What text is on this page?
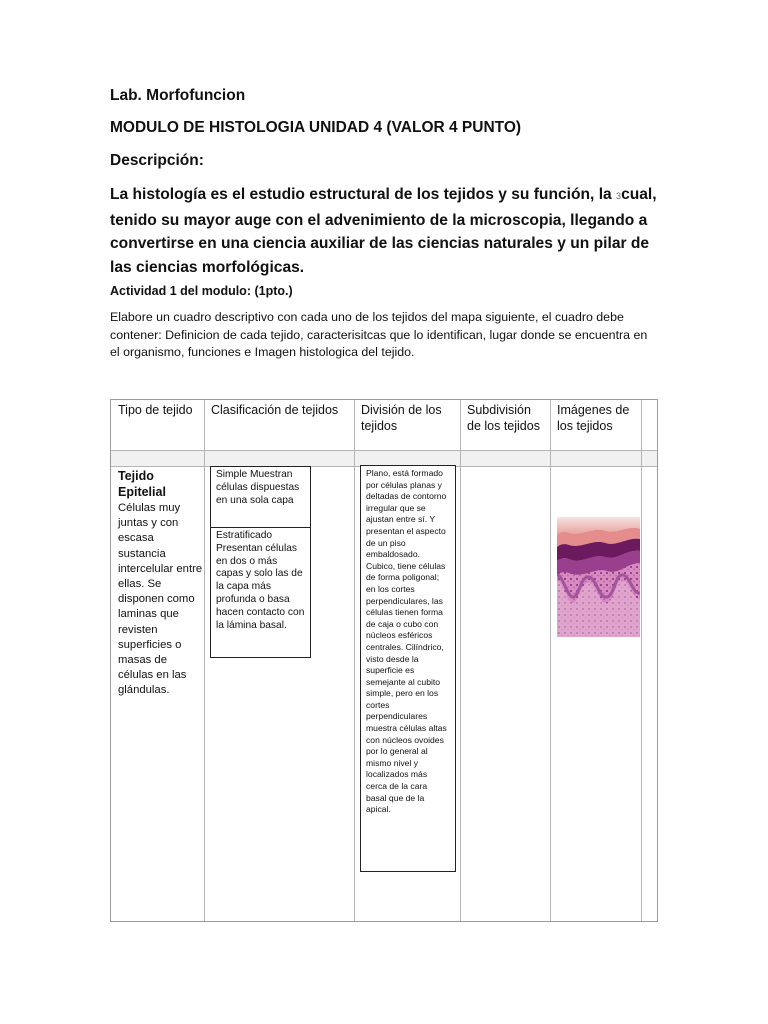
Lab. Morfofuncion

MODULO DE HISTOLOGIA UNIDAD 4 (VALOR 4 PUNTO)

Descripción:

La histología es el estudio estructural de los tejidos y su función, la 3cual, tenido su mayor auge con el advenimiento de la microscopia, llegando a convertirse en una ciencia auxiliar de las ciencias naturales y un pilar de las ciencias morfológicas.

Actividad 1 del modulo: (1pto.)

Elabore un cuadro descriptivo con cada uno de los tejidos del mapa siguiente, el cuadro debe contener: Definicion de cada tejido, caracterisitcas que lo identifican, lugar donde se encuentra en el organismo, funciones e Imagen histologica del tejido.

Tipo de tejido	Clasificación de tejidos	División de los tejidos

Subdivisión de los tejidos

Imágenes de los tejidos

Tejido Epitelial

Células muy juntas y con escasa sustancia intercelular entre ellas. Se disponen como laminas que revisten superficies o masas de células en las glándulas.

Simple Muestran células dispuestas en una sola capa

Estratificado Presentan células en dos o más capas y solo las de la capa más profunda o basa hacen contacto con la lámina basal.

Plano, está formado por células planas y deltadas de contorno irregular que se ajustan entre sí. Y presentan el aspecto de un piso embaldosado. Cubico, tiene células de forma poligonal; en los cortes perpendiculares, las células tienen forma de caja o cubo con núcleos esféricos centrales. Cilíndrico, visto desde la superficie es semejante al cubito simple, pero en los cortes perpendiculares muestra células altas con núcleos ovoides por lo general al mismo nivel y localizados más cerca de la cara basal que de la apical.
